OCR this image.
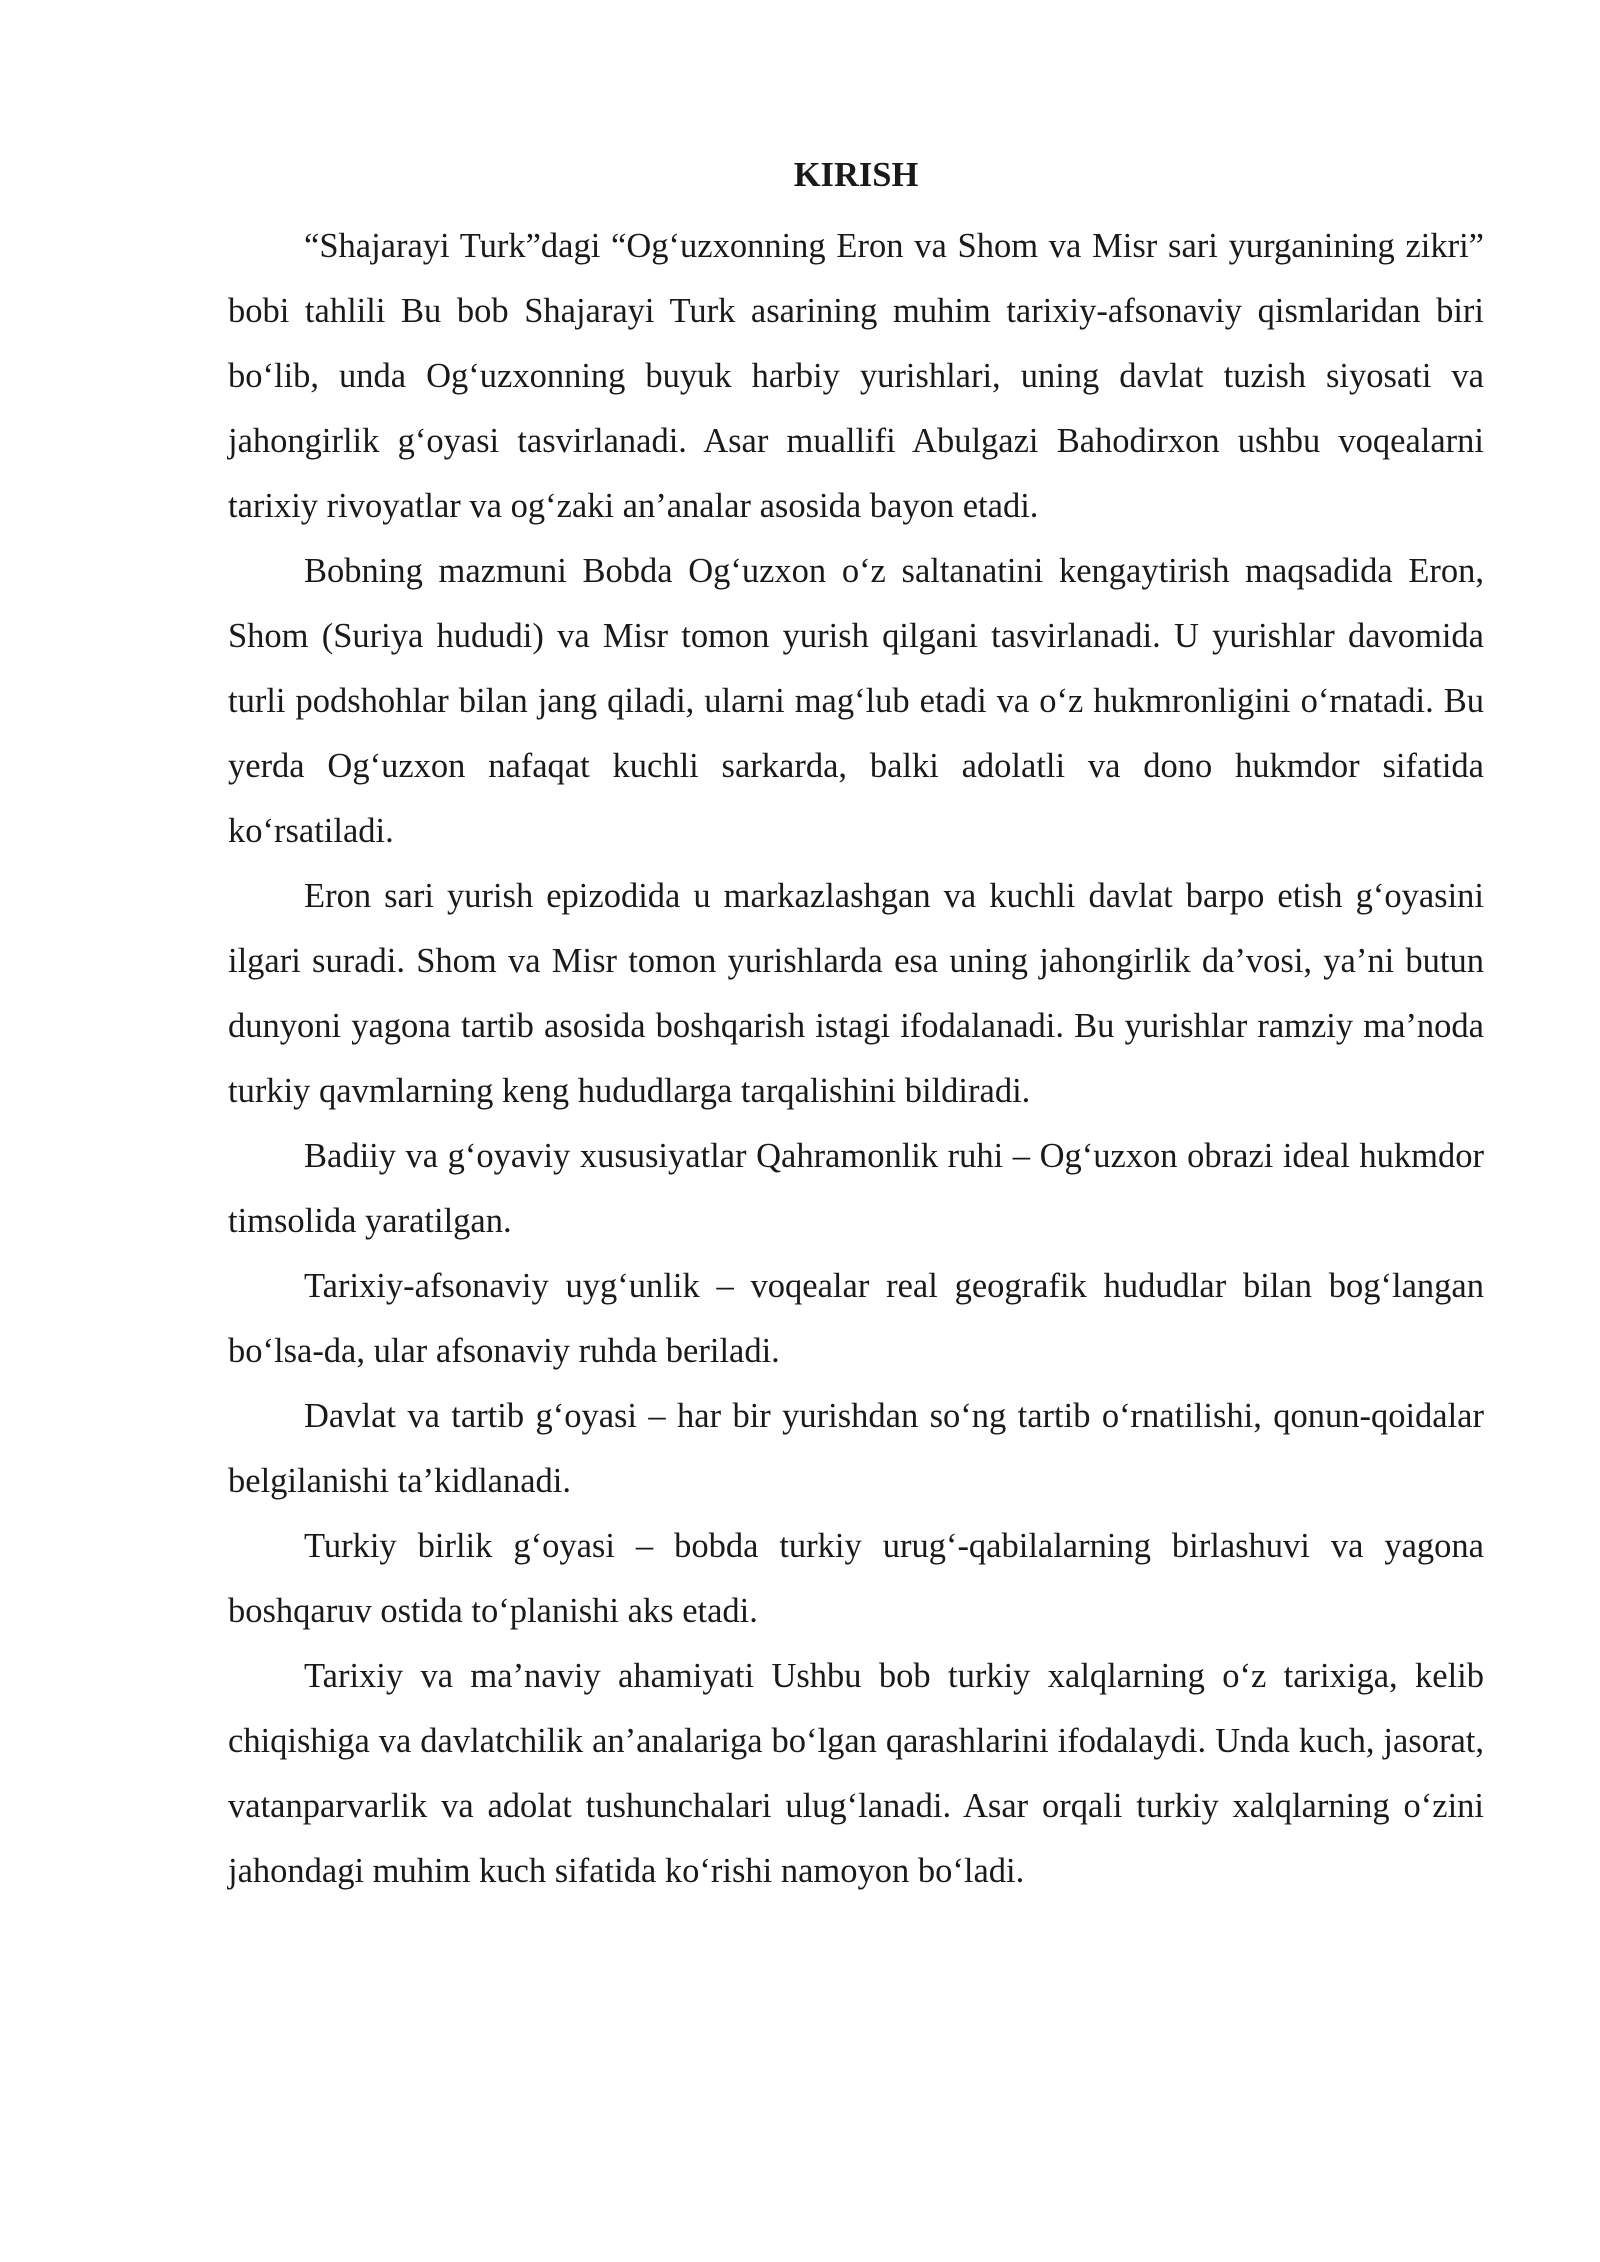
KIRISH

“Shajarayi Turk”dagi “Og‘uzxonning Eron va Shom va Misr sari yurganining zikri” bobi tahlili Bu bob Shajarayi Turk asarining muhim tarixiy-afsonaviy qismlaridan biri bo‘lib, unda Og‘uzxonning buyuk harbiy yurishlari, uning davlat tuzish siyosati va jahongirlik g‘oyasi tasvirlanadi. Asar muallifi Abulgazi Bahodirxon ushbu voqealarni tarixiy rivoyatlar va og‘zaki an’analar asosida bayon etadi.

Bobning mazmuni Bobda Og‘uzxon o‘z saltanatini kengaytirish maqsadida Eron, Shom (Suriya hududi) va Misr tomon yurish qilgani tasvirlanadi. U yurishlar davomida turli podshohlar bilan jang qiladi, ularni mag‘lub etadi va o‘z hukmronligini o‘rnatadi. Bu yerda Og‘uzxon nafaqat kuchli sarkarda, balki adolatli va dono hukmdor sifatida ko‘rsatiladi.

Eron sari yurish epizodida u markazlashgan va kuchli davlat barpo etish g‘oyasini ilgari suradi. Shom va Misr tomon yurishlarda esa uning jahongirlik da’vosi, ya’ni butun dunyoni yagona tartib asosida boshqarish istagi ifodalanadi. Bu yurishlar ramziy ma’noda turkiy qavmlarning keng hududlarga tarqalishini bildiradi.

Badiiy va g‘oyaviy xususiyatlar Qahramonlik ruhi – Og‘uzxon obrazi ideal hukmdor timsolida yaratilgan.

Tarixiy-afsonaviy uyg‘unlik – voqealar real geografik hududlar bilan bog‘langan bo‘lsa-da, ular afsonaviy ruhda beriladi.

Davlat va tartib g‘oyasi – har bir yurishdan so‘ng tartib o‘rnatilishi, qonun-qoidalar belgilanishi ta’kidlanadi.

Turkiy birlik g‘oyasi – bobda turkiy urug‘-qabilalarning birlashuvi va yagona boshqaruv ostida to‘planishi aks etadi.

Tarixiy va ma’naviy ahamiyati Ushbu bob turkiy xalqlarning o‘z tarixiga, kelib chiqishiga va davlatchilik an’analariga bo‘lgan qarashlarini ifodalaydi. Unda kuch, jasorat, vatanparvarlik va adolat tushunchalari ulug‘lanadi. Asar orqali turkiy xalqlarning o‘zini jahondagi muhim kuch sifatida ko‘rishi namoyon bo‘ladi.
